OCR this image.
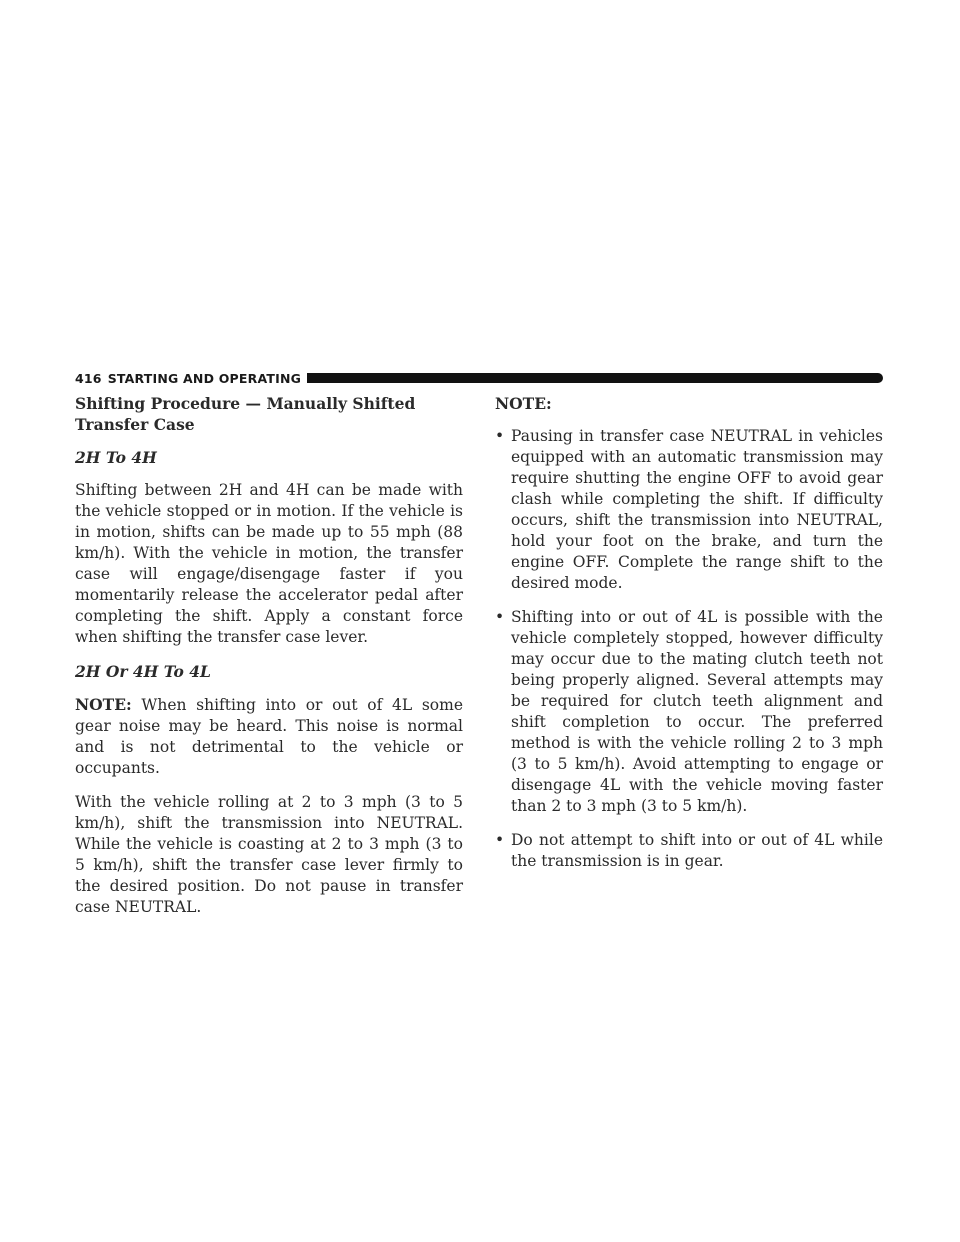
416 STARTING AND OPERATING
Shifting Procedure — Manually Shifted Transfer Case
2H To 4H

Shifting between 2H and 4H can be made with the vehicle stopped or in motion. If the vehicle is in motion, shifts can be made up to 55 mph (88 km/h). With the vehicle in motion, the transfer case will engage/disengage faster if you momentarily release the accelerator pedal after completing the shift. Apply a constant force when shifting the transfer case lever.

2H Or 4H To 4L

NOTE: When shifting into or out of 4L some gear noise may be heard. This noise is normal and is not detrimental to the vehicle or occupants.

With the vehicle rolling at 2 to 3 mph (3 to 5 km/h), shift the transmission into NEUTRAL. While the vehicle is coasting at 2 to 3 mph (3 to 5 km/h), shift the transfer case lever firmly to the desired position. Do not pause in transfer case NEUTRAL.

NOTE:
• Pausing in transfer case NEUTRAL in vehicles equipped with an automatic transmission may require shutting the engine OFF to avoid gear clash while completing the shift. If difficulty occurs, shift the transmission into NEUTRAL, hold your foot on the brake, and turn the engine OFF. Complete the range shift to the desired mode.
• Shifting into or out of 4L is possible with the vehicle completely stopped, however difficulty may occur due to the mating clutch teeth not being properly aligned. Several attempts may be required for clutch teeth alignment and shift completion to occur. The preferred method is with the vehicle rolling 2 to 3 mph (3 to 5 km/h). Avoid attempting to engage or disengage 4L with the vehicle moving faster than 2 to 3 mph (3 to 5 km/h).
• Do not attempt to shift into or out of 4L while the transmission is in gear.
